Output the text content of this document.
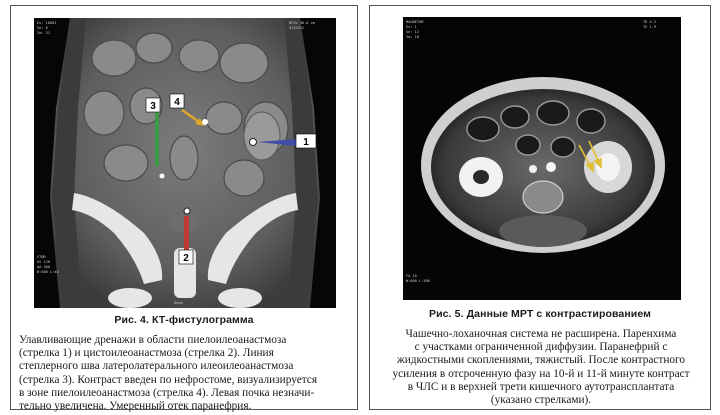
3 4
1
2
Ex: 10001
Se: 6
Im: 31
DFOV 36.0 cm
512x512
STND
kV 120
mA 300
W:400 L:40
Head
Рис. 4. КТ-фистулограмма

Улавливающие дренажи в области пиелоилеоанастмоза
(стрелка 1) и цистоилеоанастмоза (стрелка 2). Линия
степлерного шва латеролатерального илеоилеоанастмоза
(стрелка 3). Контраст введен по нефростоме, визуализируется
в зоне пиелоилеоанастмоза (стрелка 4). Левая почка незначи-
тельно увеличена. Умеренный отек паранефрия.

MAGNETOM
Ex: 1
Se: 12
Im: 18
TR 4.2
TE 1.9
FA 10
W:600 L:300
Рис. 5. Данные МРТ с контрастированием

Чашечно-лоханочная система не расширена. Паренхима
с участками ограниченной диффузии. Паранефрий с
жидкостными скоплениями, тяжистый. После контрастного
усиления в отсроченную фазу на 10-й и 11-й минуте контраст
в ЧЛС и в верхней трети кишечного аутотрансплантата
(указано стрелками).
